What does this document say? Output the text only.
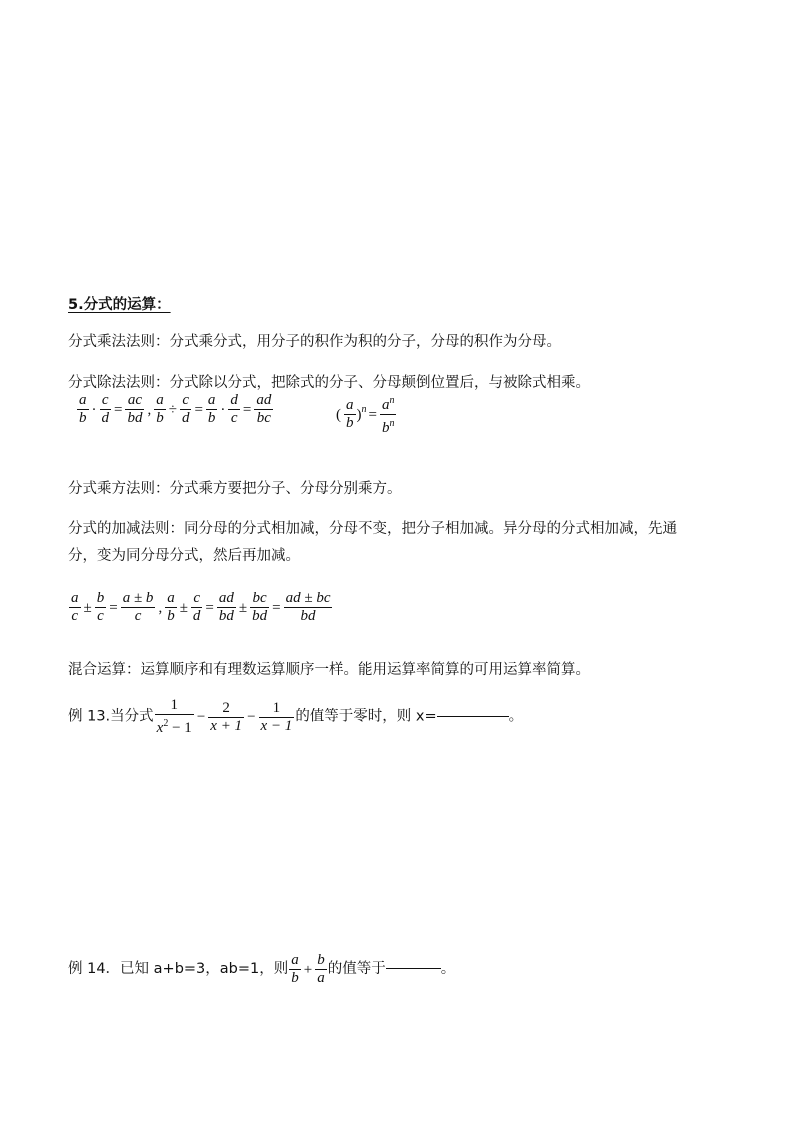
5.分式的运算：
分式乘法法则：分式乘分式，用分子的积作为积的分子，分母的积作为分母。
分式除法法则：分式除以分式，把除式的分子、分母颠倒位置后，与被除式相乘。
$\frac{a}{b} \cdot \frac{c}{d} = \frac{ac}{bd}$ , $\frac{a}{b} \div \frac{c}{d} = \frac{a}{b} \cdot \frac{d}{c} = \frac{ad}{bc}$	( $\frac{a}{b} )^n = \frac{a^n}{b^n}$
分式乘方法则：分式乘方要把分子、分母分别乘方。
分式的加减法则：同分母的分式相加减，分母不变，把分子相加减。异分母的分式相加减，先通
分，变为同分母分式，然后再加减。
$\frac{a}{c} \pm \frac{b}{c} = \frac{a \pm b}{c}$ , $\frac{a}{b} \pm \frac{c}{d} = \frac{ad}{bd} \pm \frac{bc}{bd} = \frac{ad \pm bc}{bd}$
混合运算：运算顺序和有理数运算顺序一样。能用运算率简算的可用运算率简算。
例 13.当分式 $\frac{1}{x^2 - 1} - \frac{2}{x + 1} - \frac{1}{x - 1}$ 的值等于零时，则 x=	。
例 14．已知 a+b=3，ab=1，则 $\frac{a}{b} + \frac{b}{a}$ 的值等于	。
